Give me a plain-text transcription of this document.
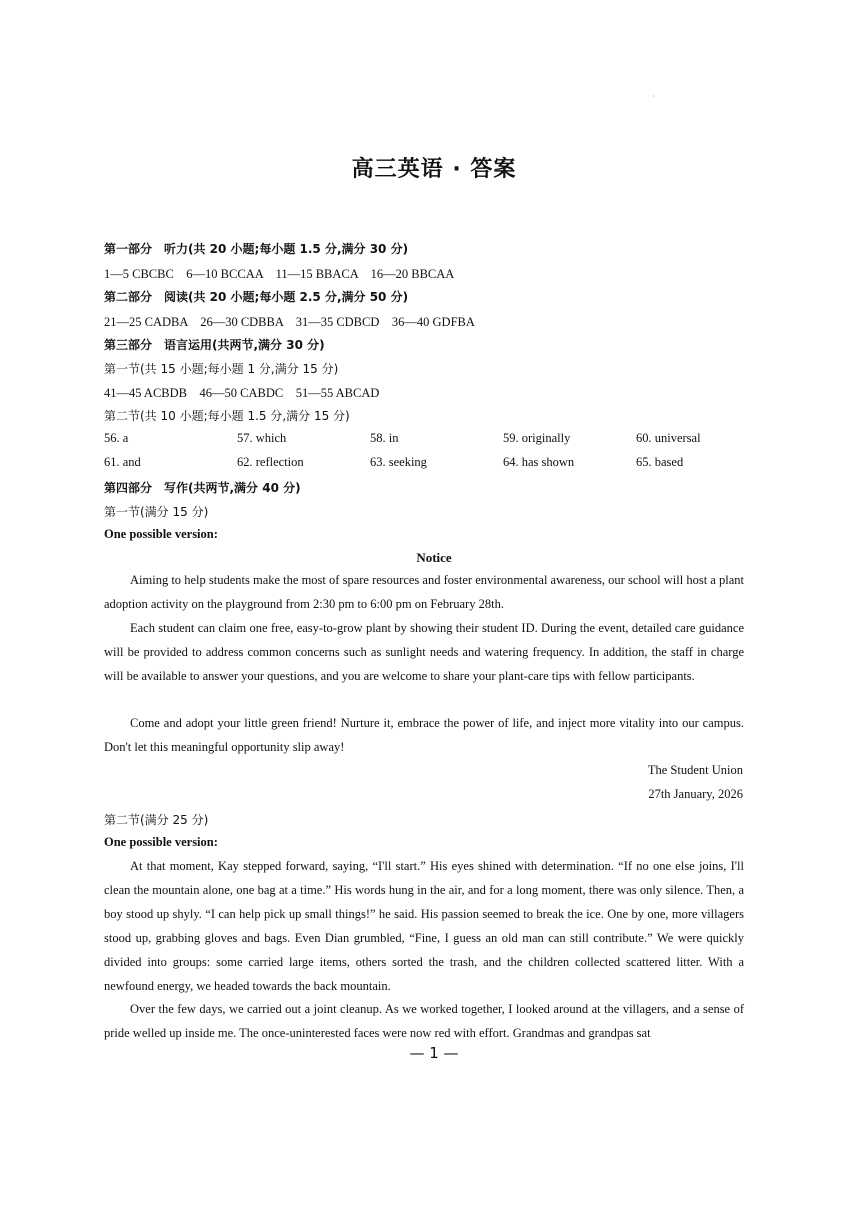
·
高三英语 · 答案
第一部分　听力(共 20 小题;每小题 1.5 分,满分 30 分)
1—5 CBCBC　6—10 BCCAA　11—15 BBACA　16—20 BBCAA
第二部分　阅读(共 20 小题;每小题 2.5 分,满分 50 分)
21—25 CADBA　26—30 CDBBA　31—35 CDBCD　36—40 GDFBA
第三部分　语言运用(共两节,满分 30 分)
第一节(共 15 小题;每小题 1 分,满分 15 分)
41—45 ACBDB　46—50 CABDC　51—55 ABCAD
第二节(共 10 小题;每小题 1.5 分,满分 15 分)
56. a	57. which	58. in	59. originally	60. universal
61. and	62. reflection	63. seeking	64. has shown	65. based
第四部分　写作(共两节,满分 40 分)
第一节(满分 15 分)
One possible version:
Notice

Aiming to help students make the most of spare resources and foster environmental awareness, our school will host a plant adoption activity on the playground from 2:30 pm to 6:00 pm on February 28th.

Each student can claim one free, easy-to-grow plant by showing their student ID. During the event, detailed care guidance will be provided to address common concerns such as sunlight needs and watering frequency. In addition, the staff in charge will be available to answer your questions, and you are welcome to share your plant-care tips with fellow participants.

Come and adopt your little green friend! Nurture it, embrace the power of life, and inject more vitality into our campus. Don't let this meaningful opportunity slip away!

The Student Union
27th January, 2026
第二节(满分 25 分)
One possible version:

At that moment, Kay stepped forward, saying, “I'll start.” His eyes shined with determination. “If no one else joins, I'll clean the mountain alone, one bag at a time.” His words hung in the air, and for a long moment, there was only silence. Then, a boy stood up shyly. “I can help pick up small things!” he said. His passion seemed to break the ice. One by one, more villagers stood up, grabbing gloves and bags. Even Dian grumbled, “Fine, I guess an old man can still contribute.” We were quickly divided into groups: some carried large items, others sorted the trash, and the children collected scattered litter. With a newfound energy, we headed towards the back mountain.

Over the few days, we carried out a joint cleanup. As we worked together, I looked around at the villagers, and a sense of pride welled up inside me. The once-uninterested faces were now red with effort. Grandmas and grandpas sat

— 1 —
